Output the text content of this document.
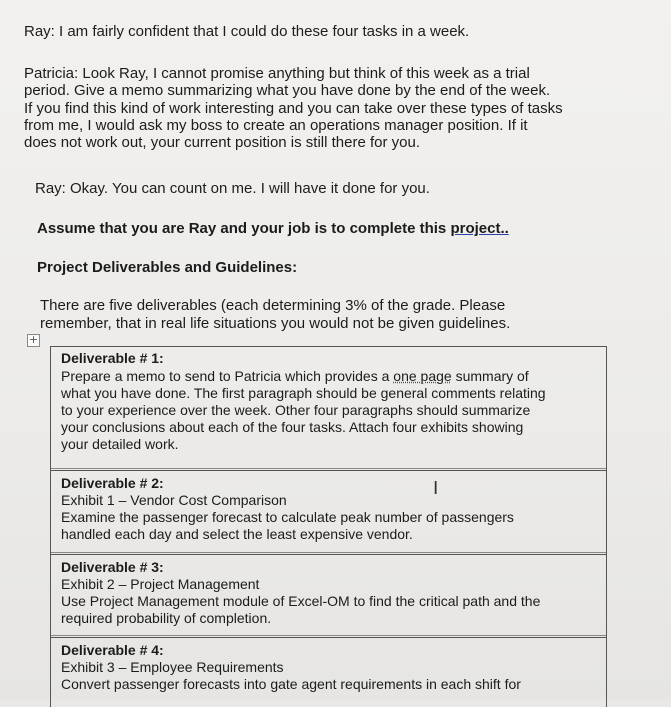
Ray: I am fairly confident that I could do these four tasks in a week.
Patricia: Look Ray, I cannot promise anything but think of this week as a trial
period. Give a memo summarizing what you have done by the end of the week.
If you find this kind of work interesting and you can take over these types of tasks
from me, I would ask my boss to create an operations manager position. If it
does not work out, your current position is still there for you.
Ray: Okay. You can count on me. I will have it done for you.
Assume that you are Ray and your job is to complete this project..
Project Deliverables and Guidelines:
There are five deliverables (each determining 3% of the grade. Please
remember, that in real life situations you would not be given guidelines.
+
Deliverable # 1:
Prepare a memo to send to Patricia which provides a one page summary of
what you have done. The first paragraph should be general comments relating
to your experience over the week. Other four paragraphs should summarize
your conclusions about each of the four tasks. Attach four exhibits showing
your detailed work.
Deliverable # 2:
Exhibit 1 – Vendor Cost Comparison
Examine the passenger forecast to calculate peak number of passengers
handled each day and select the least expensive vendor.
Deliverable # 3:
Exhibit 2 – Project Management
Use Project Management module of Excel-OM to find the critical path and the
required probability of completion.
Deliverable # 4:
Exhibit 3 – Employee Requirements
Convert passenger forecasts into gate agent requirements in each shift for
I
